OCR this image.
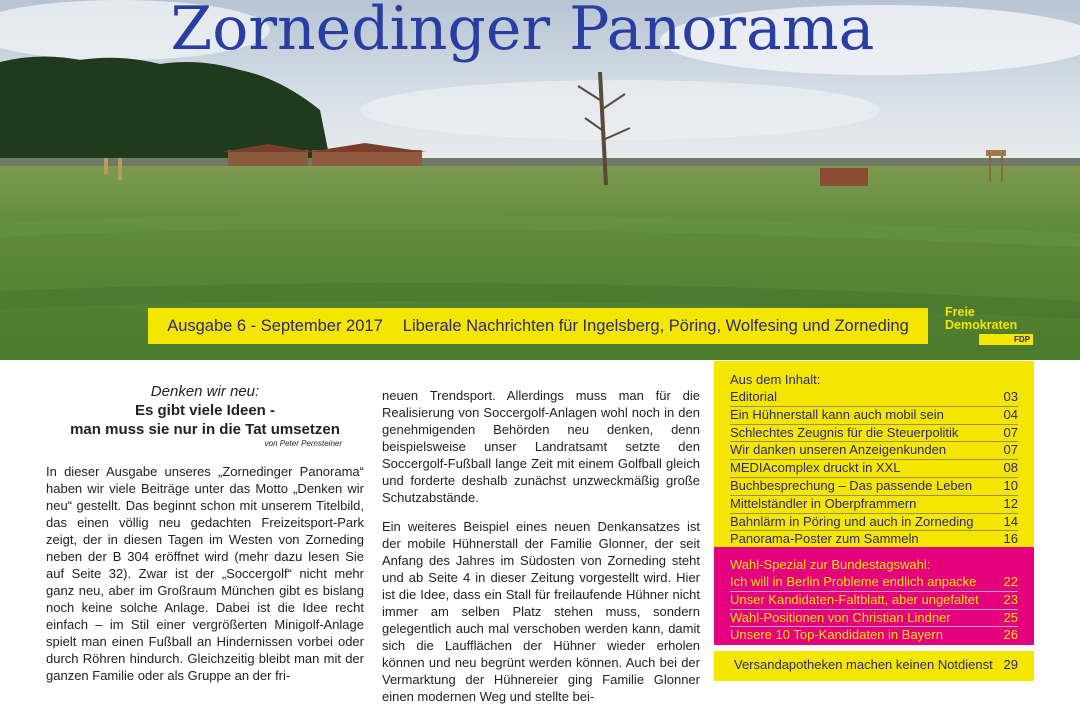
Zornedinger Panorama
Ausgabe 6 - September 2017 Liberale Nachrichten für Ingelsberg, Pöring, Wolfesing und Zorneding
Freie
Demokraten
FDP
Denken wir neu:
Es gibt viele Ideen -
man muss sie nur in die Tat umsetzen
von Peter Pernsteiner

In dieser Ausgabe unseres „Zornedinger Panorama“ haben wir viele Beiträge unter das Motto „Denken wir neu“ gestellt. Das beginnt schon mit unserem Titelbild, das einen völlig neu gedachten Freizeitsport-Park zeigt, der in diesen Tagen im Westen von Zorneding neben der B 304 eröffnet wird (mehr dazu lesen Sie auf Seite 32). Zwar ist der „Soccergolf“ nicht mehr ganz neu, aber im Großraum München gibt es bislang noch keine solche Anlage. Dabei ist die Idee recht einfach – im Stil einer vergrößerten Minigolf-Anlage spielt man einen Fußball an Hindernissen vorbei oder durch Röhren hindurch. Gleichzeitig bleibt man mit der ganzen Familie oder als Gruppe an der fri-

neuen Trendsport. Allerdings muss man für die Realisierung von Soccergolf-Anlagen wohl noch in den genehmigenden Behörden neu denken, denn beispielsweise unser Landratsamt setzte den Soccergolf-Fußball lange Zeit mit einem Golfball gleich und forderte deshalb zunächst unzweckmäßig große Schutzabstände.

Ein weiteres Beispiel eines neuen Denkansatzes ist der mobile Hühnerstall der Familie Glonner, der seit Anfang des Jahres im Südosten von Zorneding steht und ab Seite 4 in dieser Zeitung vorgestellt wird. Hier ist die Idee, dass ein Stall für freilaufende Hühner nicht immer am selben Platz stehen muss, sondern gelegentlich auch mal verschoben werden kann, damit sich die Laufflächen der Hühner wieder erholen können und neu begrünt werden können. Auch bei der Vermarktung der Hühnereier ging Familie Glonner einen modernen Weg und stellte bei-

Aus dem Inhalt:
Editorial	03
Ein Hühnerstall kann auch mobil sein	04
Schlechtes Zeugnis für die Steuerpolitik	07
Wir danken unseren Anzeigenkunden	07
MEDIAcomplex druckt in XXL	08
Buchbesprechung – Das passende Leben 10
Mittelständler in Oberpframmern	12
Bahnlärm in Pöring und auch in Zorneding 14
Panorama-Poster zum Sammeln	16
Wahl-Spezial zur Bundestagswahl:
Ich will in Berlin Probleme endlich anpacke 22
Unser Kandidaten-Faltblatt, aber ungefaltet 23
Wahl-Positionen von Christian Lindner	25
Unsere 10 Top-Kandidaten in Bayern	26
Versandapotheken machen keinen Notdienst 29
